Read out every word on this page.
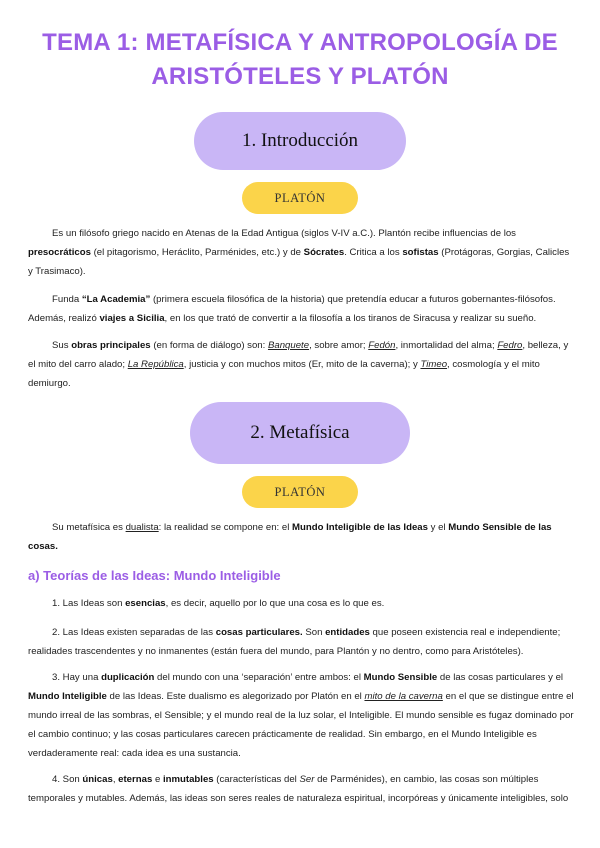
TEMA 1: METAFÍSICA Y ANTROPOLOGÍA DE ARISTÓTELES Y PLATÓN
1. Introducción
PLATÓN
Es un filósofo griego nacido en Atenas de la Edad Antigua (siglos V-IV a.C.). Plantón recibe influencias de los presocráticos (el pitagorismo, Heráclito, Parménides, etc.) y de Sócrates. Critica a los sofistas (Protágoras, Gorgias, Calicles y Trasimaco).
Funda “La Academia” (primera escuela filosófica de la historia) que pretendía educar a futuros gobernantes-filósofos. Además, realizó viajes a Sicilia, en los que trató de convertir a la filosofía a los tiranos de Siracusa y realizar su sueño.
Sus obras principales (en forma de diálogo) son: Banquete, sobre amor; Fedón, inmortalidad del alma; Fedro, belleza, y el mito del carro alado; La República, justicia y con muchos mitos (Er, mito de la caverna); y Timeo, cosmología y el mito demiurgo.
2. Metafísica
PLATÓN
Su metafísica es dualista: la realidad se compone en: el Mundo Inteligible de las Ideas y el Mundo Sensible de las cosas.
a) Teorías de las Ideas: Mundo Inteligible
1. Las Ideas son esencias, es decir, aquello por lo que una cosa es lo que es.
2. Las Ideas existen separadas de las cosas particulares. Son entidades que poseen existencia real e independiente; realidades trascendentes y no inmanentes (están fuera del mundo, para Plantón y no dentro, como para Aristóteles).
3. Hay una duplicación del mundo con una ‘separación’ entre ambos: el Mundo Sensible de las cosas particulares y el Mundo Inteligible de las Ideas. Este dualismo es alegorizado por Platón en el mito de la caverna en el que se distingue entre el mundo irreal de las sombras, el Sensible; y el mundo real de la luz solar, el Inteligible. El mundo sensible es fugaz dominado por el cambio continuo; y las cosas particulares carecen prácticamente de realidad. Sin embargo, en el Mundo Inteligible es verdaderamente real: cada idea es una sustancia.
4. Son únicas, eternas e inmutables (características del Ser de Parménides), en cambio, las cosas son múltiples temporales y mutables. Además, las ideas son seres reales de naturaleza espiritual, incorpóreas y únicamente inteligibles, solo
